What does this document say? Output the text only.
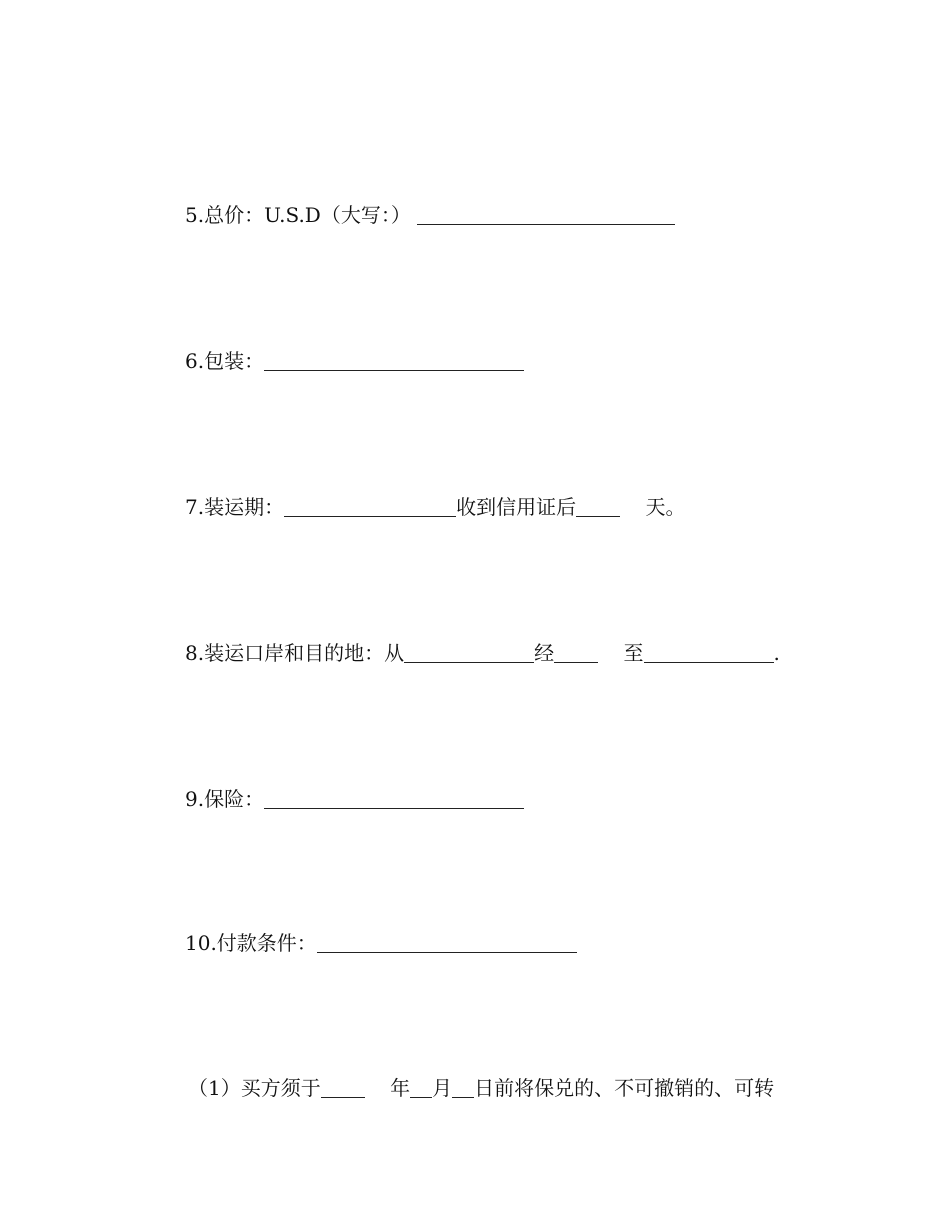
5.总价：U.S.D（大写：）
6.包装：
7.装运期：	收到信用证后	天。
8.装运口岸和目的地：从	经	至	.
9.保险：
10.付款条件：
（1）买方须于	年 月 日前将保兑的、不可撤销的、可转
